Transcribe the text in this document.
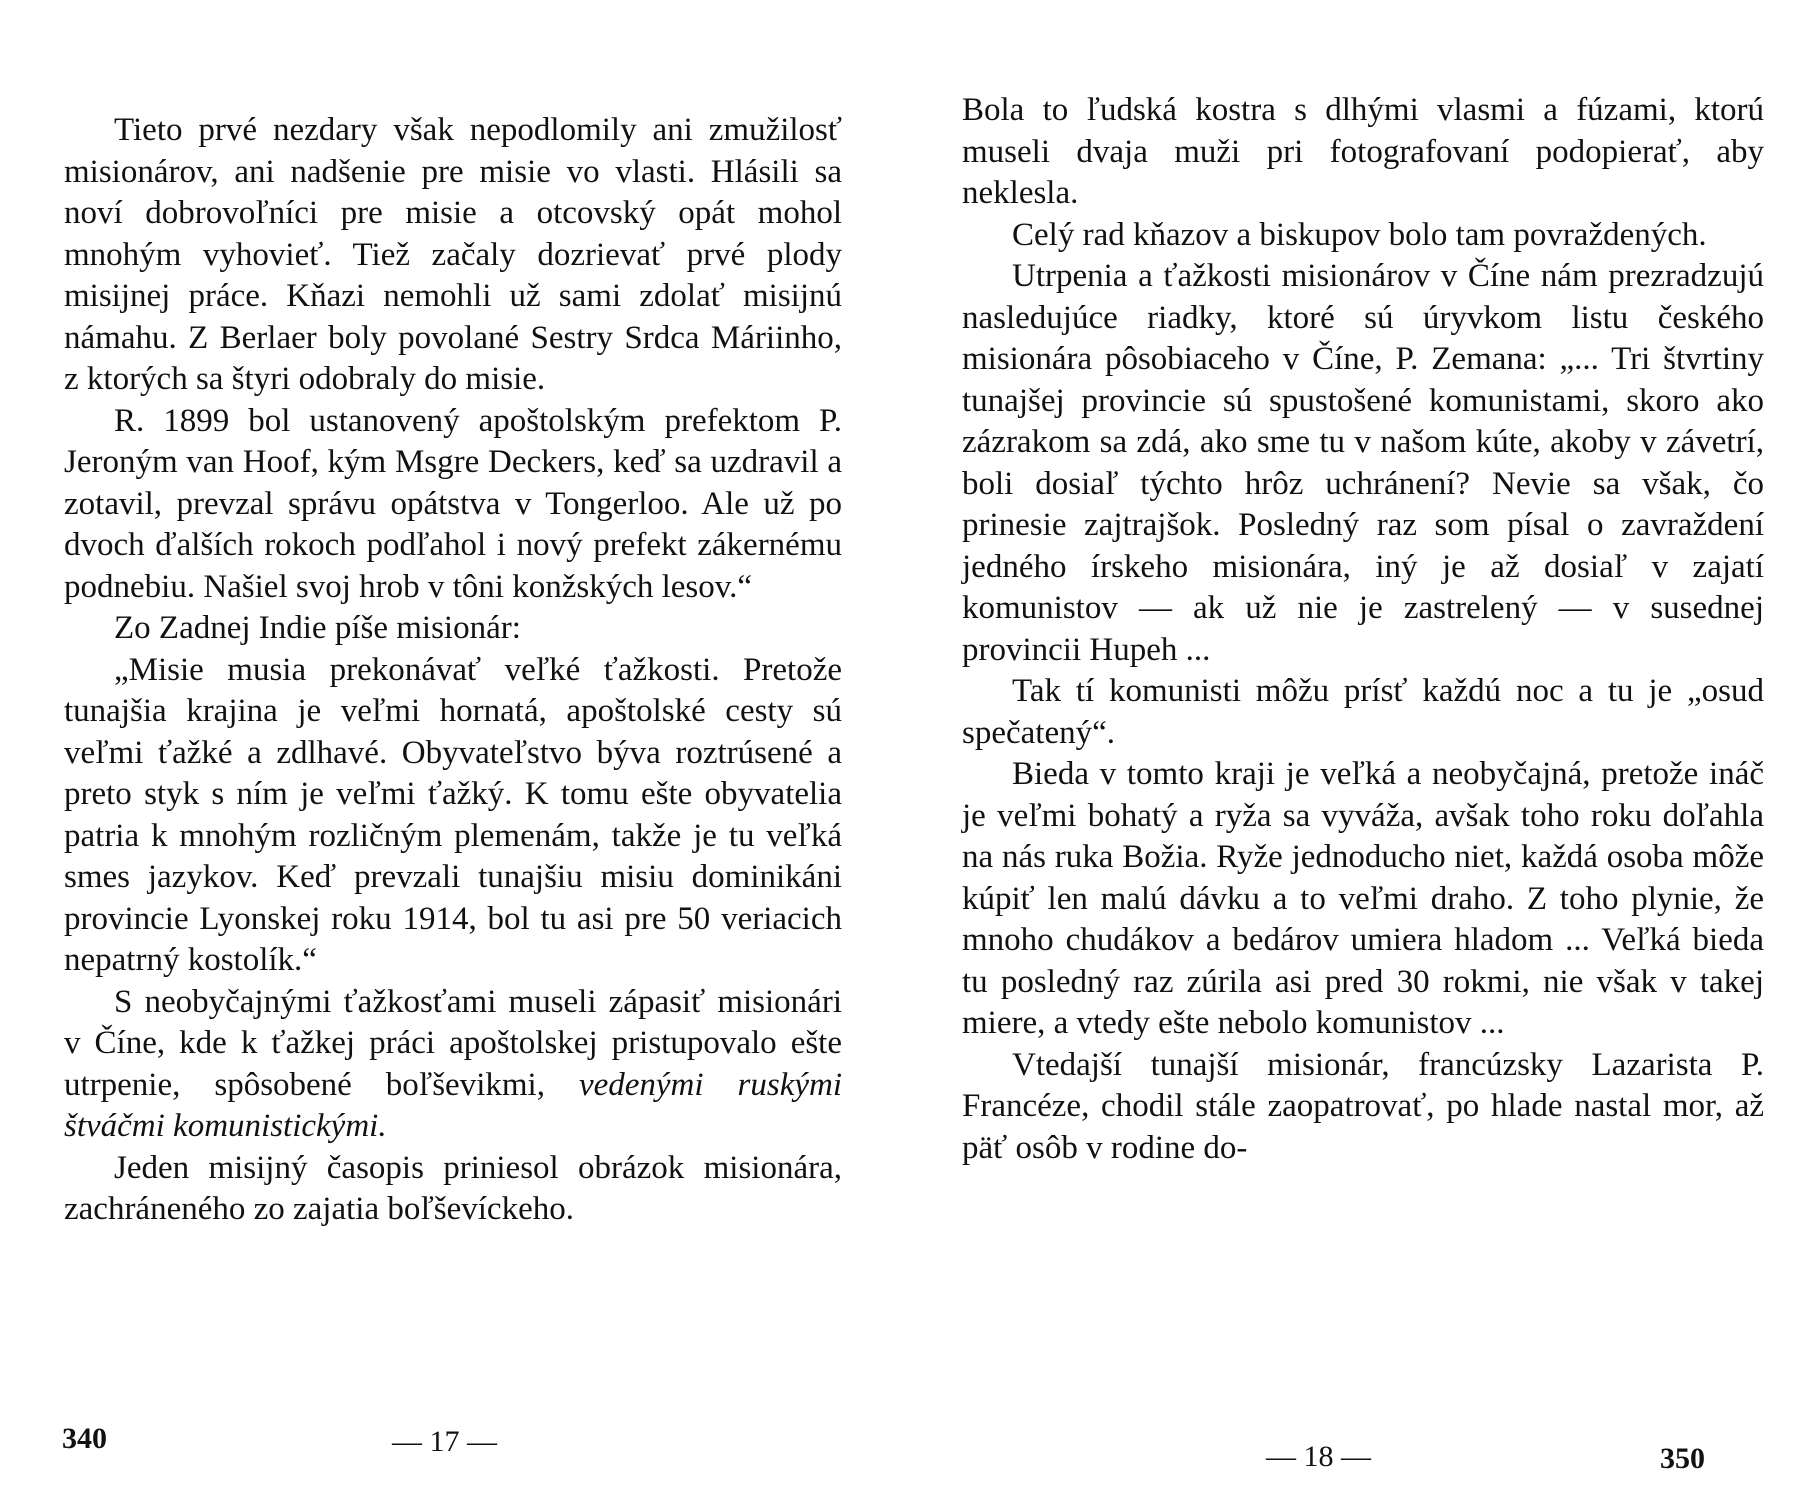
Tieto prvé nezdary však nepodlomily ani zmužilosť misionárov, ani nadšenie pre misie vo vlasti. Hlásili sa noví dobrovoľníci pre misie a otcovský opát mohol mnohým vyhovieť. Tiež začaly dozrievať prvé plody misijnej práce. Kňazi nemohli už sami zdolať misijnú námahu. Z Berlaer boly povolané Sestry Srdca Máriinho, z ktorých sa štyri odobraly do misie.

R. 1899 bol ustanovený apoštolským prefektom P. Jeroným van Hoof, kým Msgre Deckers, keď sa uzdravil a zotavil, prevzal správu opátstva v Tongerloo. Ale už po dvoch ďalších rokoch podľahol i nový prefekt zákernému podnebiu. Našiel svoj hrob v tôni konžských lesov.“

Zo Zadnej Indie píše misionár:

„Misie musia prekonávať veľké ťažkosti. Pretože tunajšia krajina je veľmi hornatá, apoštolské cesty sú veľmi ťažké a zdlhavé. Obyvateľstvo býva roztrúsené a preto styk s ním je veľmi ťažký. K tomu ešte obyvatelia patria k mnohým rozličným plemenám, takže je tu veľká smes jazykov. Keď prevzali tunajšiu misiu dominikáni provincie Lyonskej roku 1914, bol tu asi pre 50 veriacich nepatrný kostolík.“

S neobyčajnými ťažkosťami museli zápasiť misionári v Číne, kde k ťažkej práci apoštolskej pristupovalo ešte utrpenie, spôsobené boľševikmi, vedenými ruskými štváčmi komunistickými.

Jeden misijný časopis priniesol obrázok misionára, zachráneného zo zajatia boľševíckeho.

340	— 17 —

Bola to ľudská kostra s dlhými vlasmi a fúzami, ktorú museli dvaja muži pri fotografovaní podopierať, aby neklesla.

Celý rad kňazov a biskupov bolo tam povraždených.

Utrpenia a ťažkosti misionárov v Číne nám prezradzujú nasledujúce riadky, ktoré sú úryvkom listu českého misionára pôsobiaceho v Číne, P. Zemana: „... Tri štvrtiny tunajšej provincie sú spustošené komunistami, skoro ako zázrakom sa zdá, ako sme tu v našom kúte, akoby v závetrí, boli dosiaľ týchto hrôz uchránení? Nevie sa však, čo prinesie zajtrajšok. Posledný raz som písal o zavraždení jedného írskeho misionára, iný je až dosiaľ v zajatí komunistov — ak už nie je zastrelený — v susednej provincii Hupeh ...

Tak tí komunisti môžu prísť každú noc a tu je „osud spečatený“.

Bieda v tomto kraji je veľká a neobyčajná, pretože ináč je veľmi bohatý a ryža sa vyváža, avšak toho roku doľahla na nás ruka Božia. Ryže jednoducho niet, každá osoba môže kúpiť len malú dávku a to veľmi draho. Z toho plynie, že mnoho chudákov a bedárov umiera hladom ... Veľká bieda tu posledný raz zúrila asi pred 30 rokmi, nie však v takej miere, a vtedy ešte nebolo komunistov ...

Vtedajší tunajší misionár, francúzsky Lazarista P. Francéze, chodil stále zaopatrovať, po hlade nastal mor, až päť osôb v rodine do-

— 18 —	350
